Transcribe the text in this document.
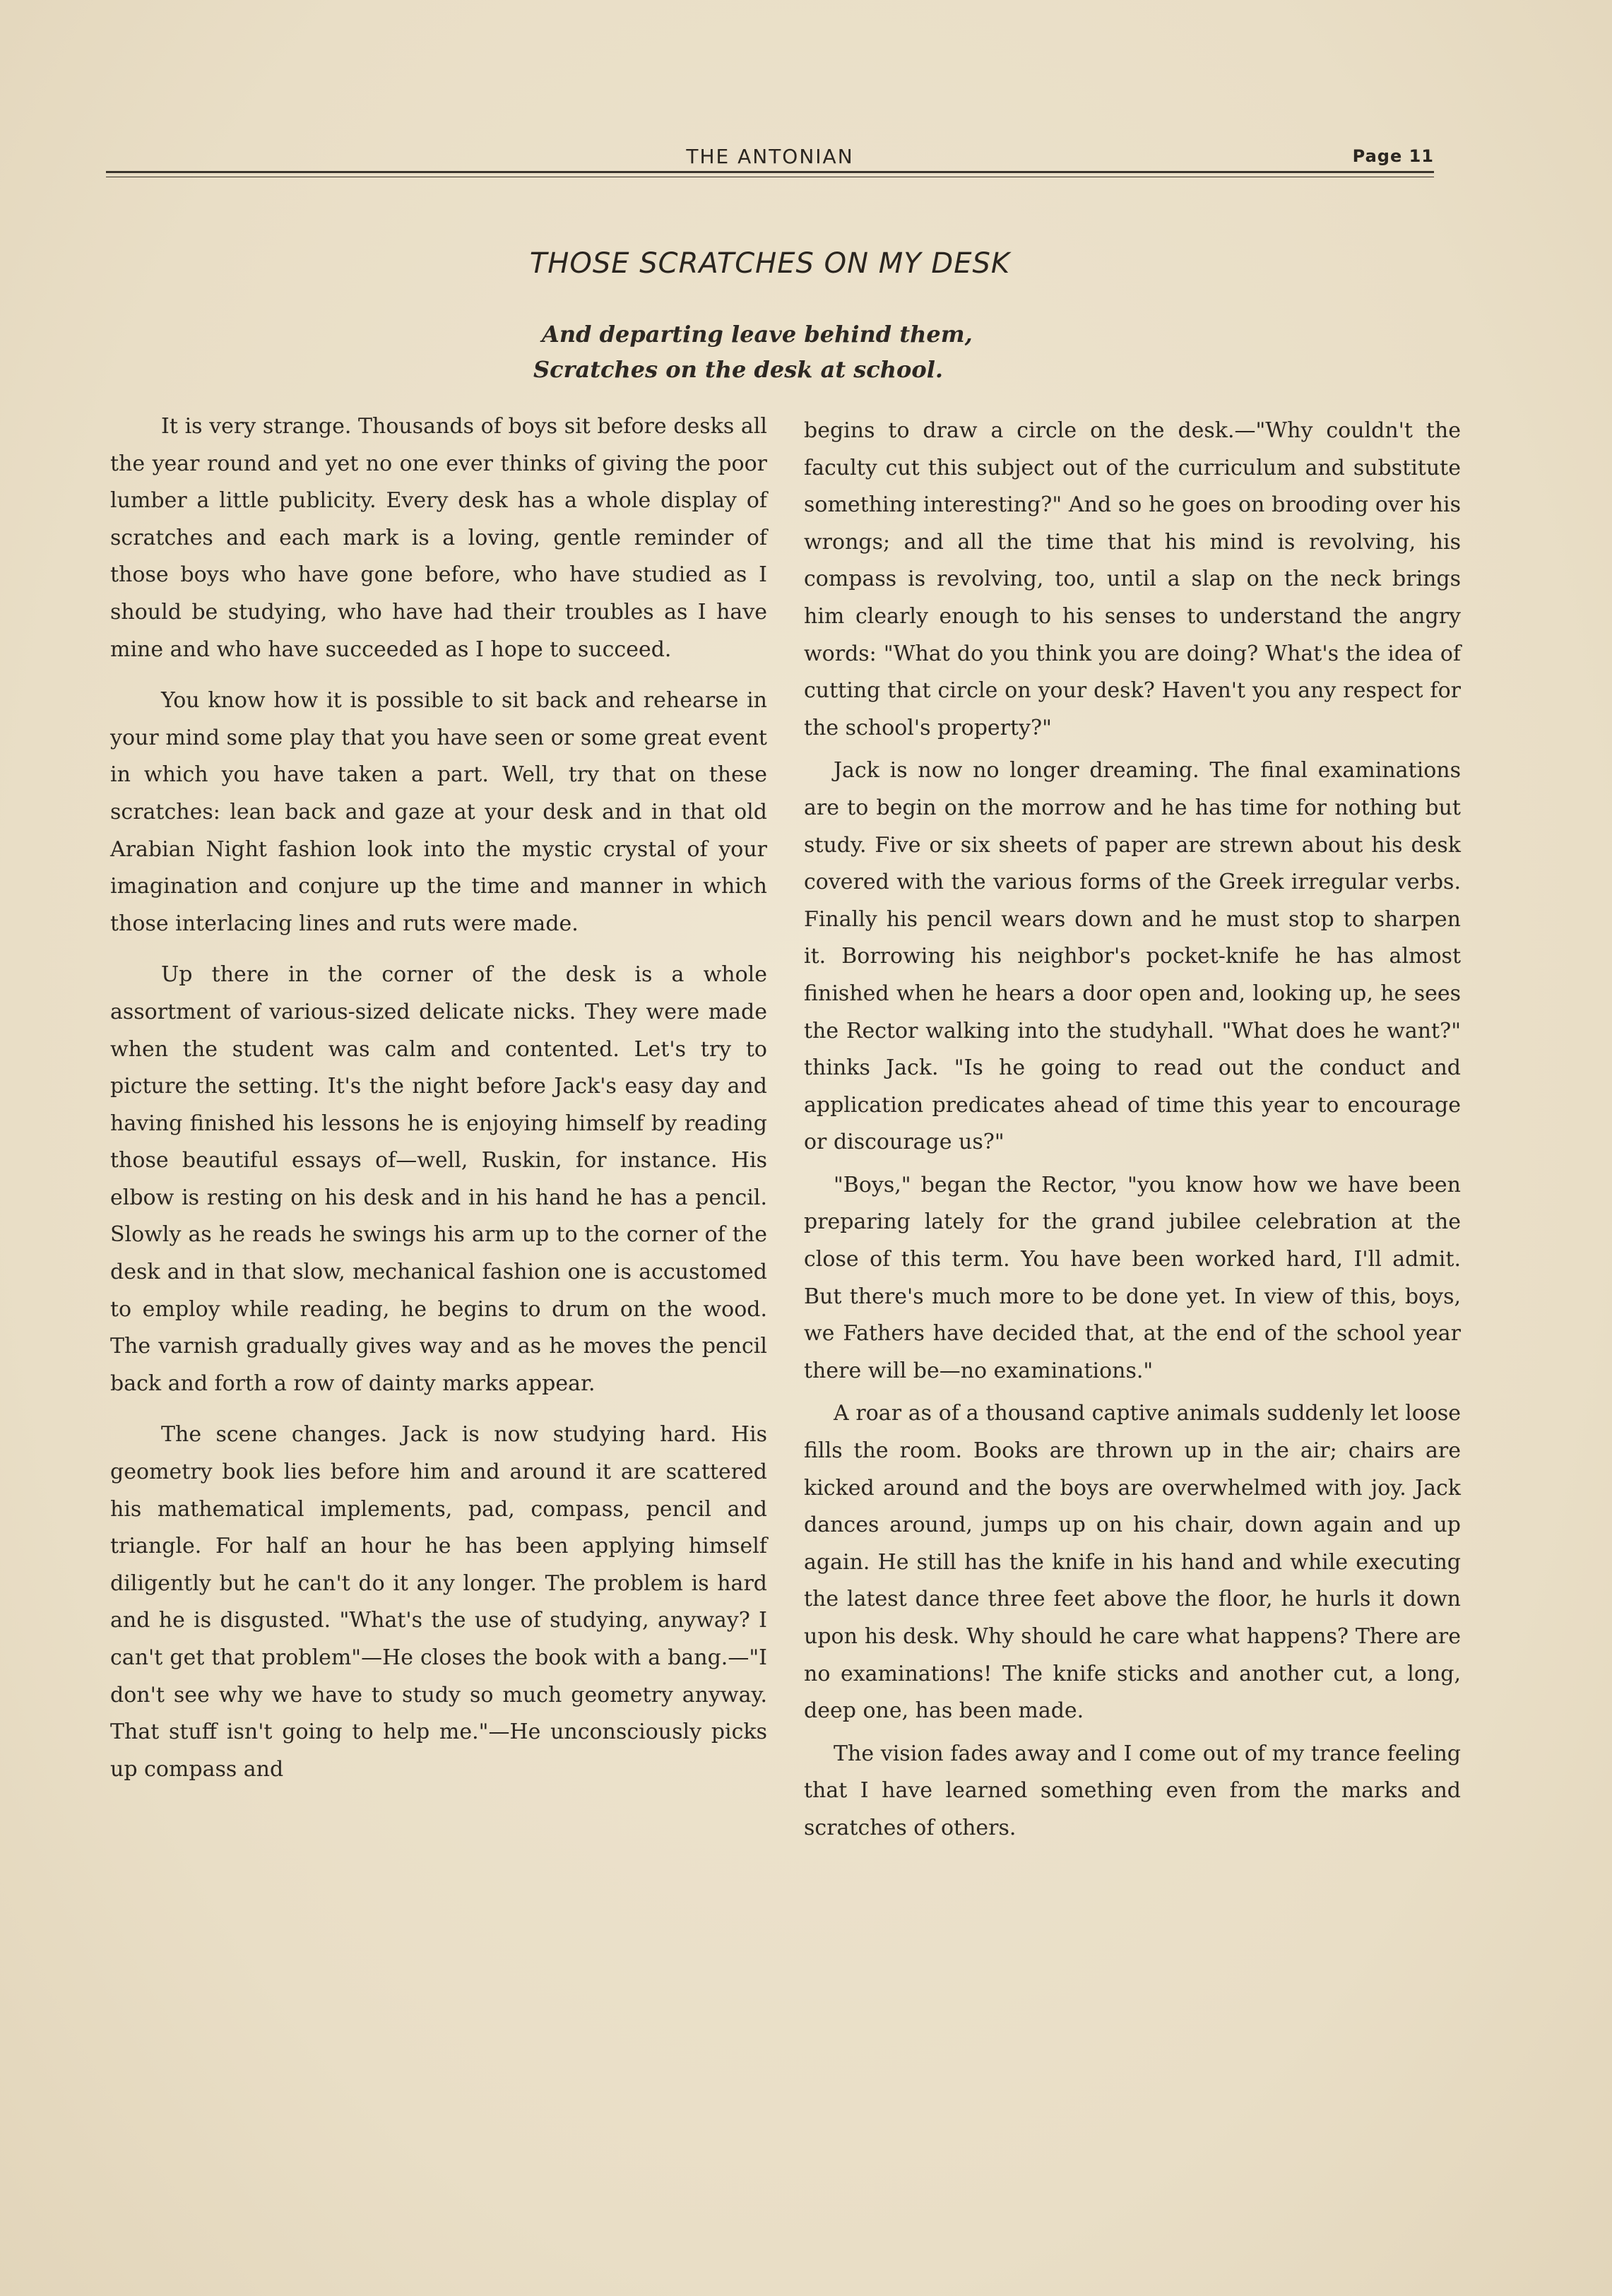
THE ANTONIAN	Page 11
THOSE SCRATCHES ON MY DESK
And departing leave behind them,
Scratches on the desk at school.

It is very strange. Thousands of boys sit before desks all the year round and yet no one ever thinks of giving the poor lumber a little publicity. Every desk has a whole display of scratches and each mark is a loving, gentle reminder of those boys who have gone before, who have studied as I should be studying, who have had their troubles as I have mine and who have succeeded as I hope to succeed.

You know how it is possible to sit back and rehearse in your mind some play that you have seen or some great event in which you have taken a part. Well, try that on these scratches: lean back and gaze at your desk and in that old Arabian Night fashion look into the mystic crystal of your imagination and conjure up the time and manner in which those interlacing lines and ruts were made.

Up there in the corner of the desk is a whole assortment of various-sized delicate nicks. They were made when the student was calm and contented. Let's try to picture the setting. It's the night before Jack's easy day and having finished his lessons he is enjoying himself by reading those beautiful essays of—well, Ruskin, for instance. His elbow is resting on his desk and in his hand he has a pencil. Slowly as he reads he swings his arm up to the corner of the desk and in that slow, mechanical fashion one is accustomed to employ while reading, he begins to drum on the wood. The varnish gradually gives way and as he moves the pencil back and forth a row of dainty marks appear.

The scene changes. Jack is now studying hard. His geometry book lies before him and around it are scattered his mathematical implements, pad, compass, pencil and triangle. For half an hour he has been applying himself diligently but he can't do it any longer. The problem is hard and he is disgusted. "What's the use of studying, anyway? I can't get that problem"—He closes the book with a bang.—"I don't see why we have to study so much geometry anyway. That stuff isn't going to help me."—He unconsciously picks up compass and

begins to draw a circle on the desk.—"Why couldn't the faculty cut this subject out of the curriculum and substitute something interesting?" And so he goes on brooding over his wrongs; and all the time that his mind is revolving, his compass is revolving, too, until a slap on the neck brings him clearly enough to his senses to understand the angry words: "What do you think you are doing? What's the idea of cutting that circle on your desk? Haven't you any respect for the school's property?"

Jack is now no longer dreaming. The final examinations are to begin on the morrow and he has time for nothing but study. Five or six sheets of paper are strewn about his desk covered with the various forms of the Greek irregular verbs. Finally his pencil wears down and he must stop to sharpen it. Borrowing his neighbor's pocket-knife he has almost finished when he hears a door open and, looking up, he sees the Rector walking into the studyhall. "What does he want?" thinks Jack. "Is he going to read out the conduct and application predicates ahead of time this year to encourage or discourage us?"

"Boys," began the Rector, "you know how we have been preparing lately for the grand jubilee celebration at the close of this term. You have been worked hard, I'll admit. But there's much more to be done yet. In view of this, boys, we Fathers have decided that, at the end of the school year there will be—no examinations."

A roar as of a thousand captive animals suddenly let loose fills the room. Books are thrown up in the air; chairs are kicked around and the boys are overwhelmed with joy. Jack dances around, jumps up on his chair, down again and up again. He still has the knife in his hand and while executing the latest dance three feet above the floor, he hurls it down upon his desk. Why should he care what happens? There are no examinations! The knife sticks and another cut, a long, deep one, has been made.

The vision fades away and I come out of my trance feeling that I have learned something even from the marks and scratches of others.
